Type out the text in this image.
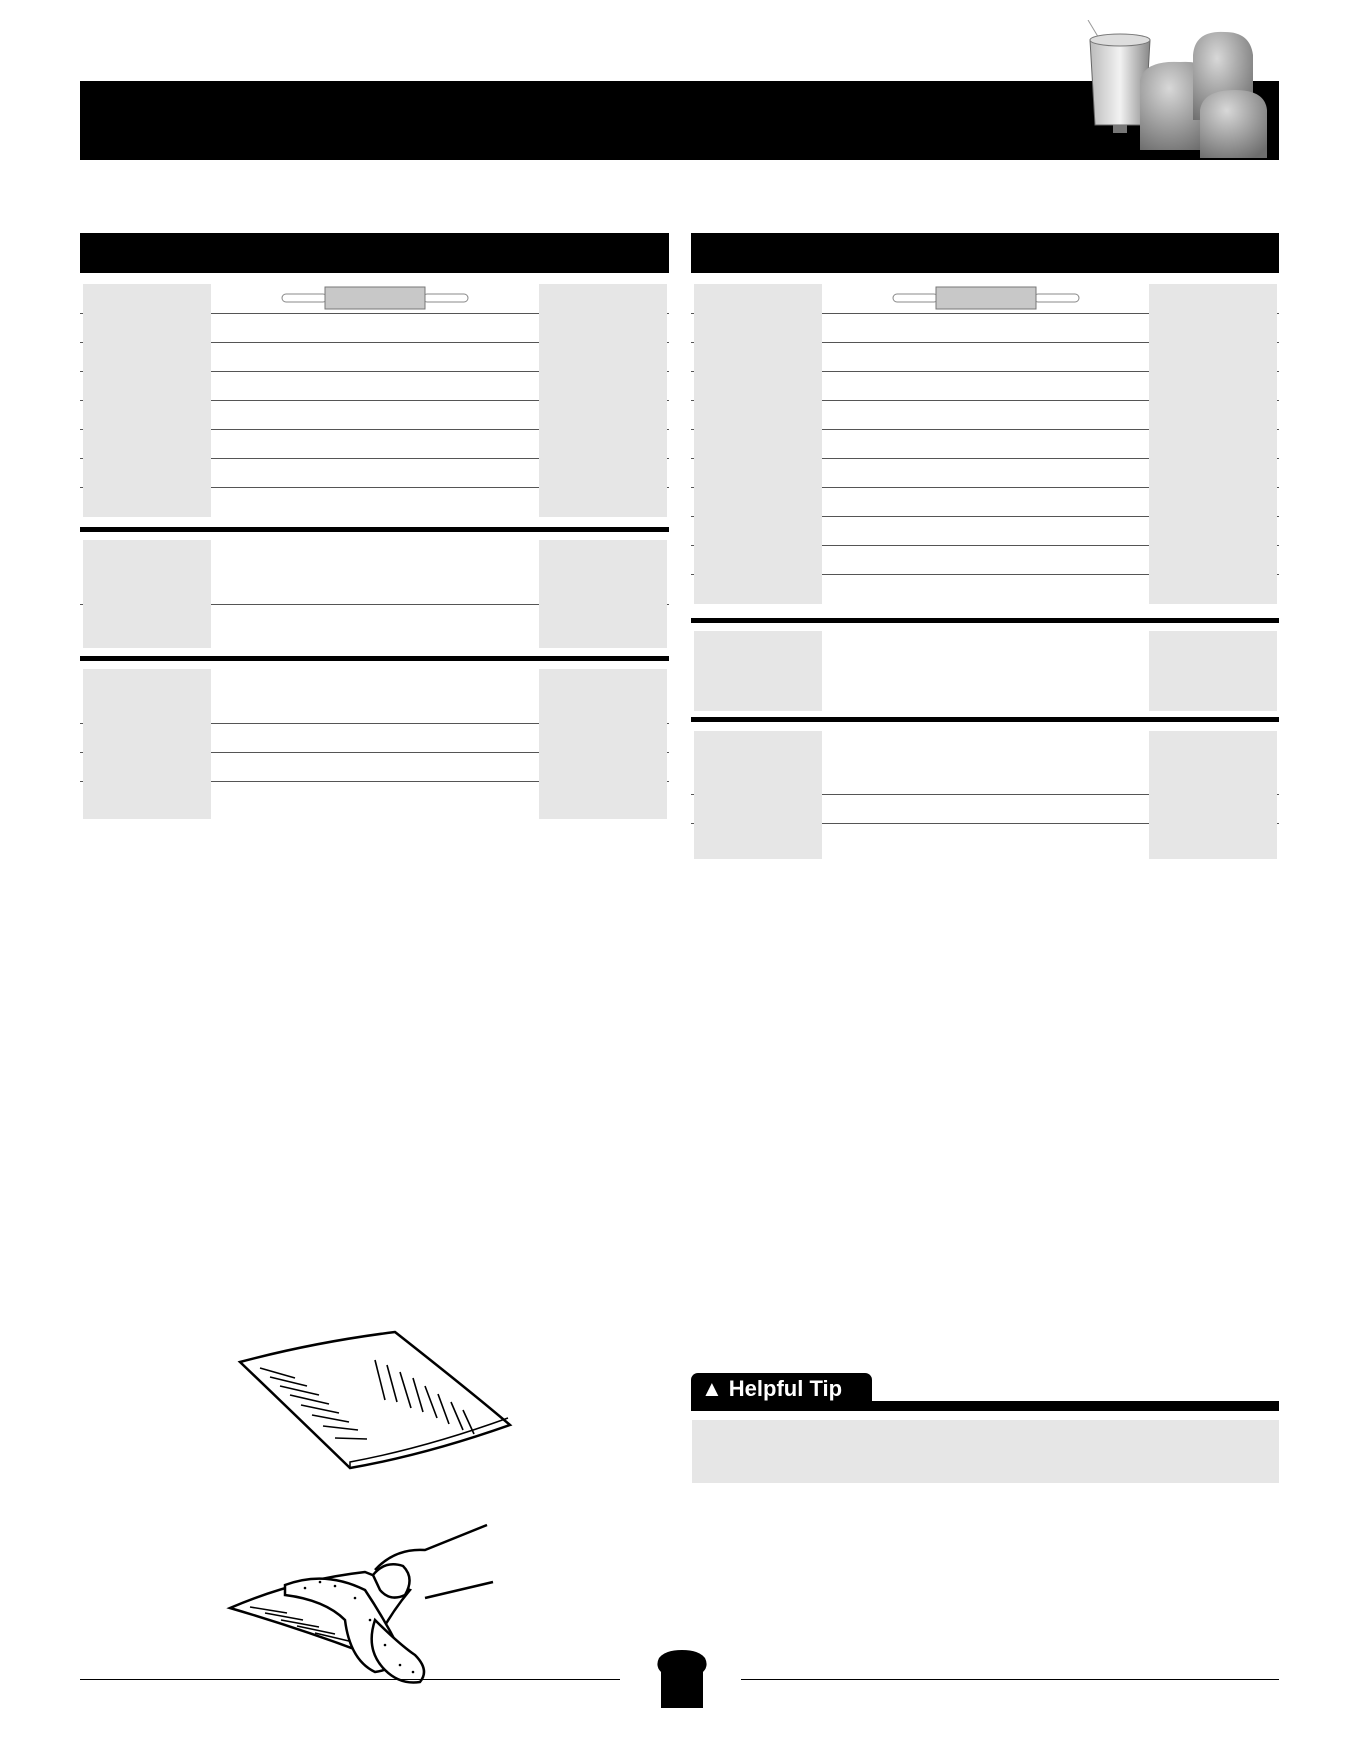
▲ Helpful Tip
